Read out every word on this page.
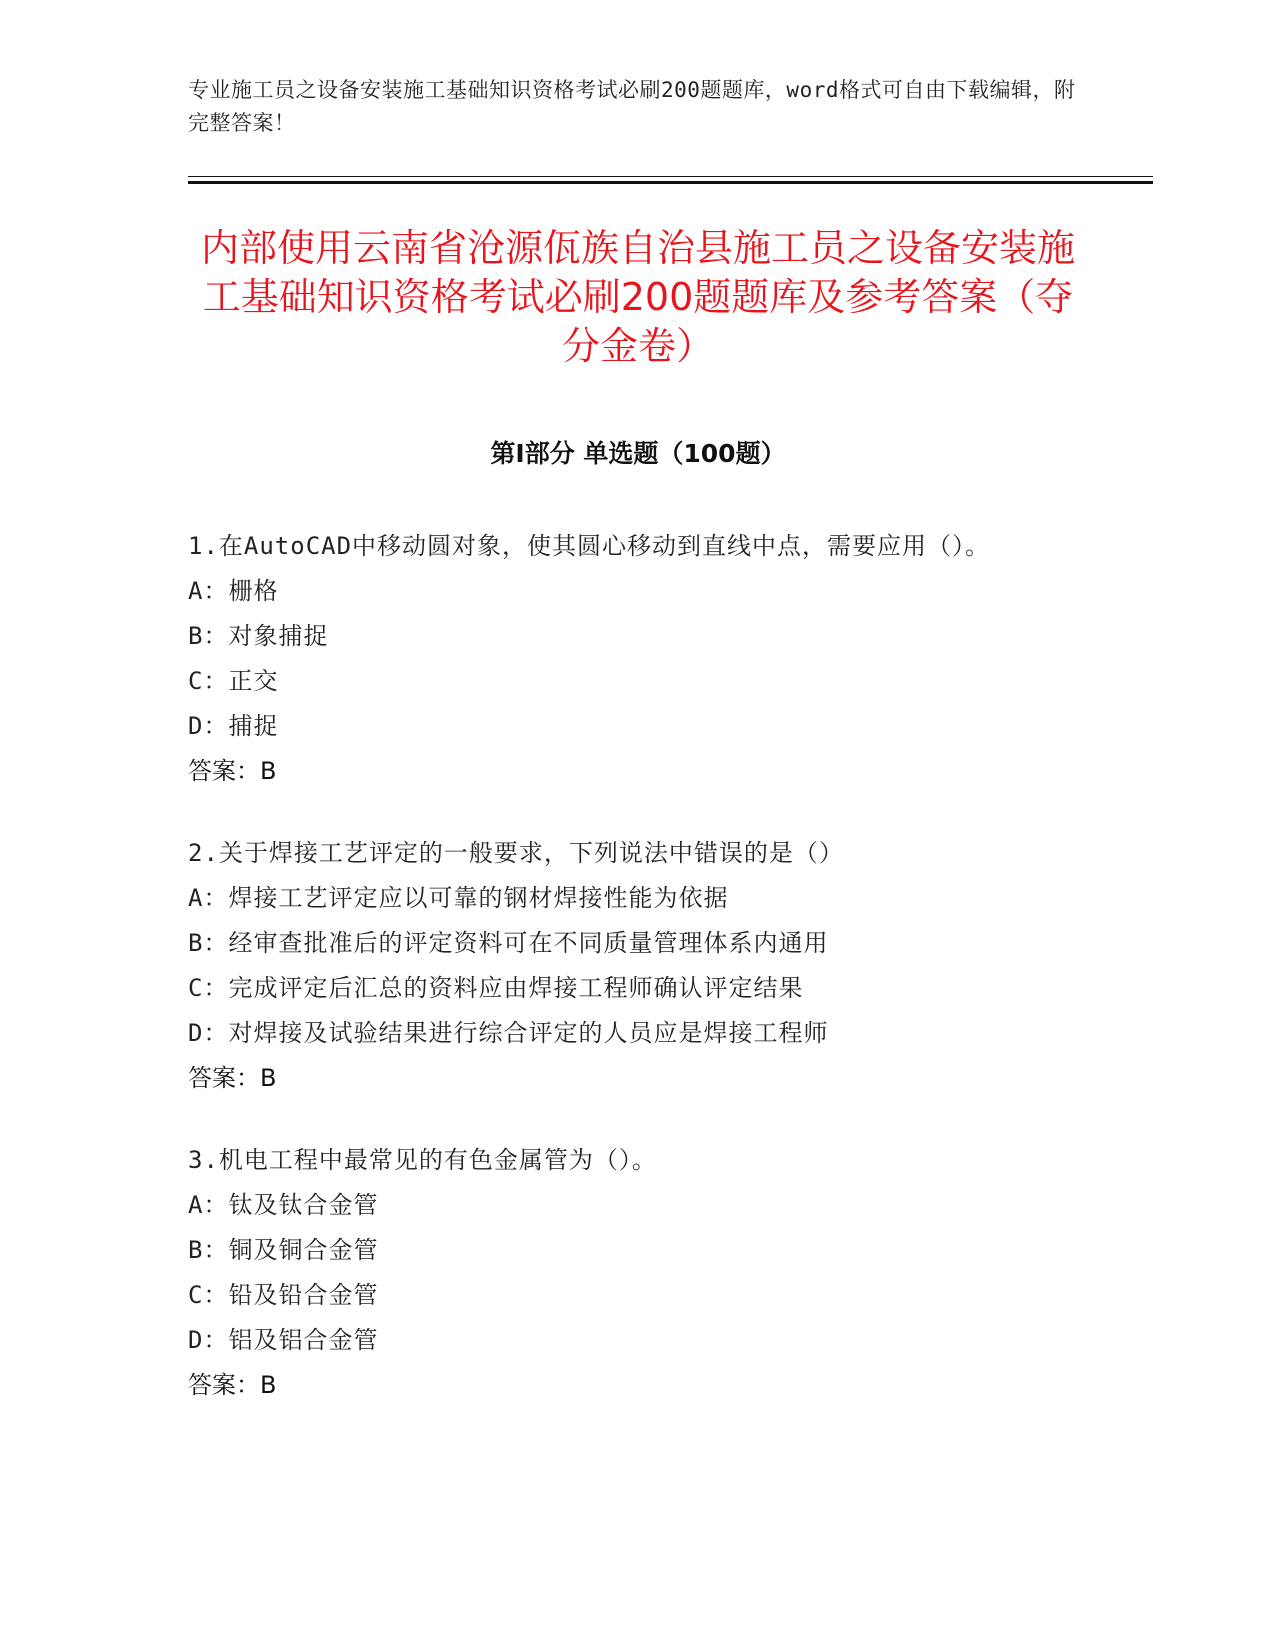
专业施工员之设备安装施工基础知识资格考试必刷200题题库，word格式可自由下载编辑，附完整答案！
内部使用云南省沧源佤族自治县施工员之设备安装施工基础知识资格考试必刷200题题库及参考答案（夺分金卷）
第Ⅰ部分 单选题（100题）

1.在AutoCAD中移动圆对象，使其圆心移动到直线中点，需要应用（）。

A：栅格

B：对象捕捉

C：正交

D：捕捉

答案：B

2.关于焊接工艺评定的一般要求，下列说法中错误的是（）

A：焊接工艺评定应以可靠的钢材焊接性能为依据

B：经审查批准后的评定资料可在不同质量管理体系内通用

C：完成评定后汇总的资料应由焊接工程师确认评定结果

D：对焊接及试验结果进行综合评定的人员应是焊接工程师

答案：B

3.机电工程中最常见的有色金属管为（）。

A：钛及钛合金管

B：铜及铜合金管

C：铅及铅合金管

D：铝及铝合金管

答案：B
